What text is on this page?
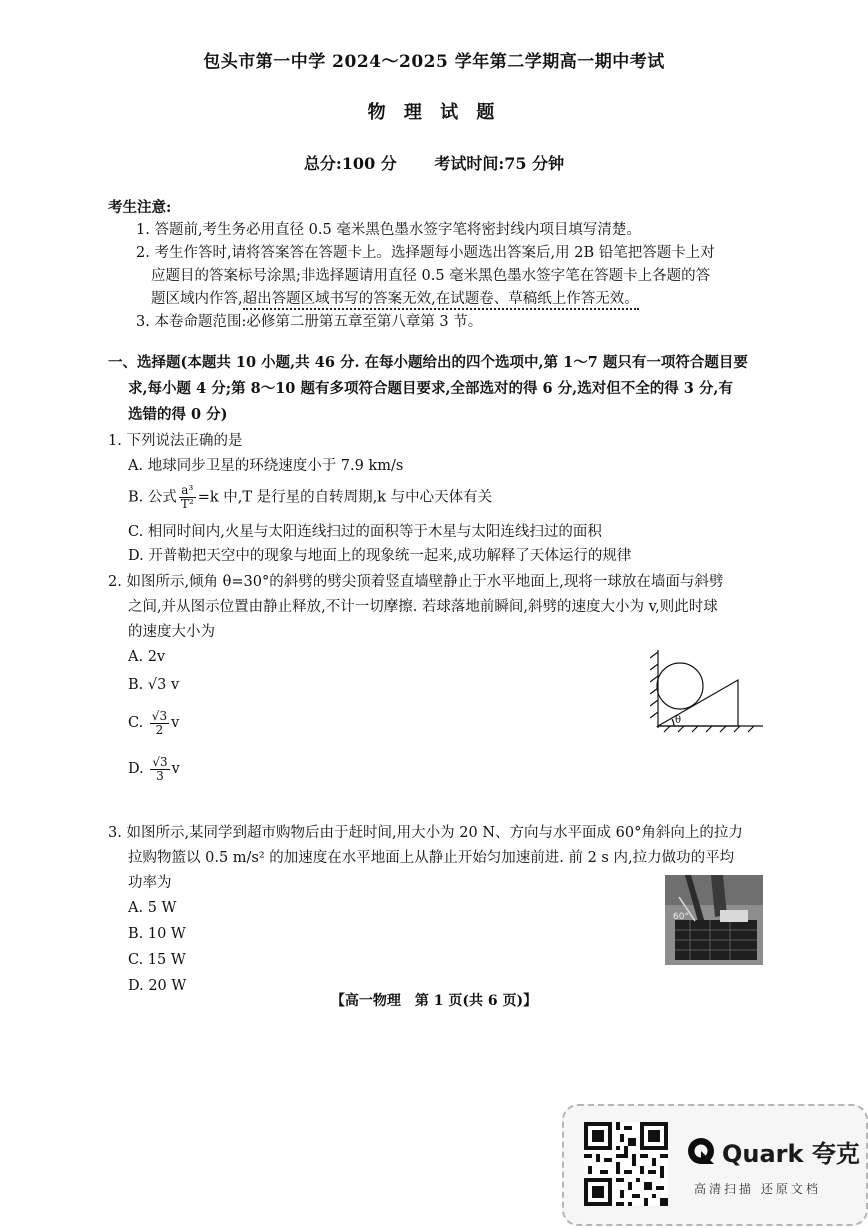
包头市第一中学 2024～2025 学年第二学期高一期中考试
物 理 试 题
总分:100 分 考试时间:75 分钟
考生注意:
1. 答题前,考生务必用直径 0.5 毫米黑色墨水签字笔将密封线内项目填写清楚。
2. 考生作答时,请将答案答在答题卡上。选择题每小题选出答案后,用 2B 铅笔把答题卡上对
应题目的答案标号涂黑;非选择题请用直径 0.5 毫米黑色墨水签字笔在答题卡上各题的答
题区域内作答,超出答题区域书写的答案无效,在试题卷、草稿纸上作答无效。
3. 本卷命题范围:必修第二册第五章至第八章第 3 节。
一、选择题(本题共 10 小题,共 46 分. 在每小题给出的四个选项中,第 1～7 题只有一项符合题目要
求,每小题 4 分;第 8～10 题有多项符合题目要求,全部选对的得 6 分,选对但不全的得 3 分,有
选错的得 0 分)
1. 下列说法正确的是
A. 地球同步卫星的环绕速度小于 7.9 km/s
B. 公式 $\frac{\text{a³}}{\text{T²}} =k$ 中,T 是行星的自转周期,k 与中心天体有关
C. 相同时间内,火星与太阳连线扫过的面积等于木星与太阳连线扫过的面积
D. 开普勒把天空中的现象与地面上的现象统一起来,成功解释了天体运行的规律
2. 如图所示,倾角 θ=30°的斜劈的劈尖顶着竖直墙壁静止于水平地面上,现将一球放在墙面与斜劈
之间,并从图示位置由静止释放,不计一切摩擦. 若球落地前瞬间,斜劈的速度大小为 v,则此时球
的速度大小为
A. 2v
B. √3 v
C. $\frac{√3}{2}$ v
D. $\frac{√3}{3}$ v
θ
3. 如图所示,某同学到超市购物后由于赶时间,用大小为 20 N、方向与水平面成 60°角斜向上的拉力
拉购物篮以 0.5 m/s² 的加速度在水平地面上从静止开始匀加速前进. 前 2 s 内,拉力做功的平均
功率为
A. 5 W
B. 10 W
C. 15 W
D. 20 W
60°
【高一物理　第 1 页(共 6 页)】
Quark 夸克
高清扫描 还原文档
